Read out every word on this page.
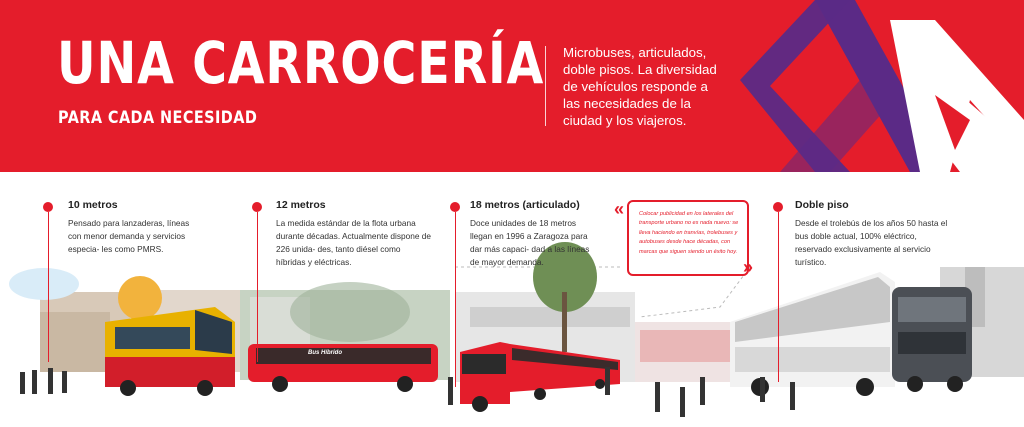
UNA CARROCERÍA
PARA CADA NECESIDAD
Microbuses, articulados, doble pisos. La diversidad de vehículos responde a las necesidades de la ciudad y los viajeros.
10 metros
Pensado para lanzaderas, líneas con menor demanda y servicios especia- les como PMRS.
12 metros
La medida estándar de la flota urbana durante décadas. Actualmente dispone de 226 unida- des, tanto diésel como híbridas y eléctricas.
18 metros (articulado)
Doce unidades de 18 metros llegan en 1996 a Zaragoza para dar más capaci- dad a las líneas de mayor demanda.
«	Colocar publicidad en los laterales del transporte urbano no es nada nuevo: se lleva haciendo en tranvías, trolebuses y autobuses desde hace décadas, con marcas que siguen siendo un éxito hoy.
»
Doble piso
Desde el trolebús de los años 50 hasta el bus doble actual, 100% eléctrico, reservado exclusivamente al servicio turístico.
Bus Híbrido
